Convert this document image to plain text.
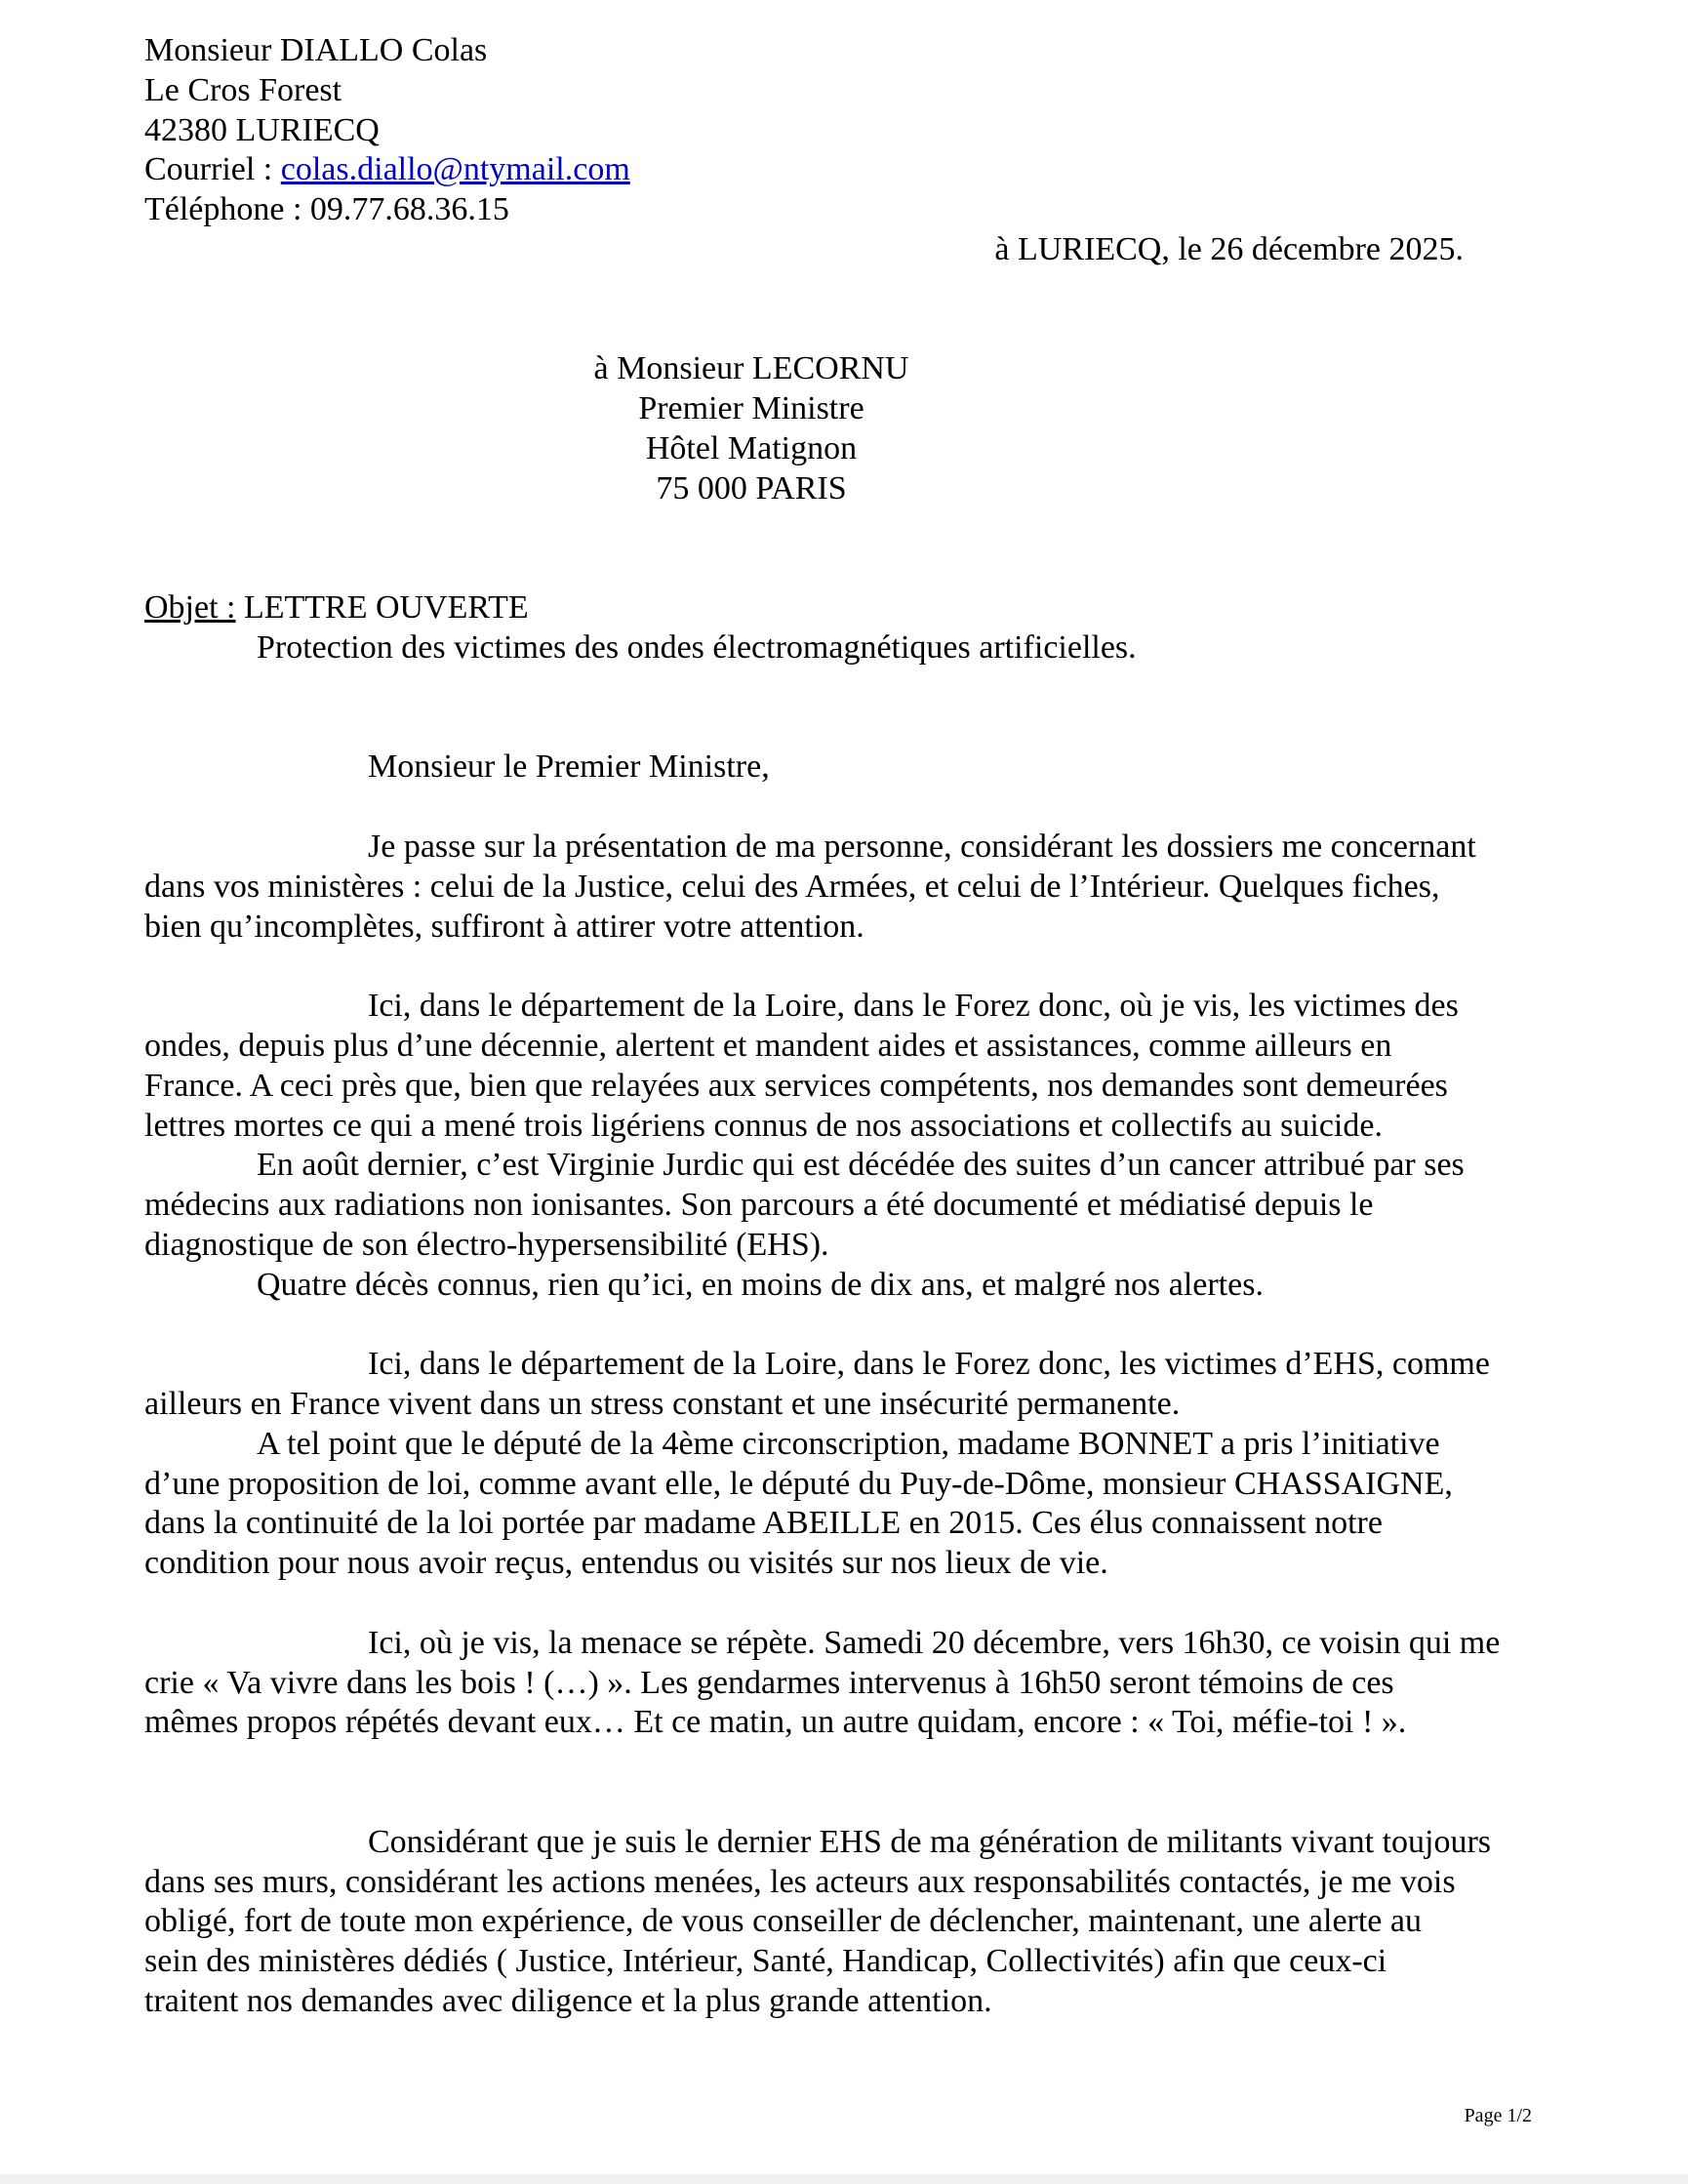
Monsieur DIALLO Colas
Le Cros Forest
42380 LURIECQ
Courriel : colas.diallo@ntymail.com
Téléphone : 09.77.68.36.15
à LURIECQ, le 26 décembre 2025.

à Monsieur LECORNU
Premier Ministre
Hôtel Matignon
75 000 PARIS

Objet : LETTRE OUVERTE
Protection des victimes des ondes électromagnétiques artificielles.

Monsieur le Premier Ministre,

Je passe sur la présentation de ma personne, considérant les dossiers me concernant
dans vos ministères : celui de la Justice, celui des Armées, et celui de l’Intérieur. Quelques fiches,
bien qu’incomplètes, suffiront à attirer votre attention.

Ici, dans le département de la Loire, dans le Forez donc, où je vis, les victimes des
ondes, depuis plus d’une décennie, alertent et mandent aides et assistances, comme ailleurs en
France. A ceci près que, bien que relayées aux services compétents, nos demandes sont demeurées
lettres mortes ce qui a mené trois ligériens connus de nos associations et collectifs au suicide.
En août dernier, c’est Virginie Jurdic qui est décédée des suites d’un cancer attribué par ses
médecins aux radiations non ionisantes. Son parcours a été documenté et médiatisé depuis le
diagnostique de son électro-hypersensibilité (EHS).
Quatre décès connus, rien qu’ici, en moins de dix ans, et malgré nos alertes.

Ici, dans le département de la Loire, dans le Forez donc, les victimes d’EHS, comme
ailleurs en France vivent dans un stress constant et une insécurité permanente.
A tel point que le député de la 4ème circonscription, madame BONNET a pris l’initiative
d’une proposition de loi, comme avant elle, le député du Puy-de-Dôme, monsieur CHASSAIGNE,
dans la continuité de la loi portée par madame ABEILLE en 2015. Ces élus connaissent notre
condition pour nous avoir reçus, entendus ou visités sur nos lieux de vie.

Ici, où je vis, la menace se répète. Samedi 20 décembre, vers 16h30, ce voisin qui me
crie « Va vivre dans les bois ! (…) ». Les gendarmes intervenus à 16h50 seront témoins de ces
mêmes propos répétés devant eux… Et ce matin, un autre quidam, encore : « Toi, méfie-toi ! ».

Considérant que je suis le dernier EHS de ma génération de militants vivant toujours
dans ses murs, considérant les actions menées, les acteurs aux responsabilités contactés, je me vois
obligé, fort de toute mon expérience, de vous conseiller de déclencher, maintenant, une alerte au
sein des ministères dédiés ( Justice, Intérieur, Santé, Handicap, Collectivités) afin que ceux-ci
traitent nos demandes avec diligence et la plus grande attention.
Page 1/2
